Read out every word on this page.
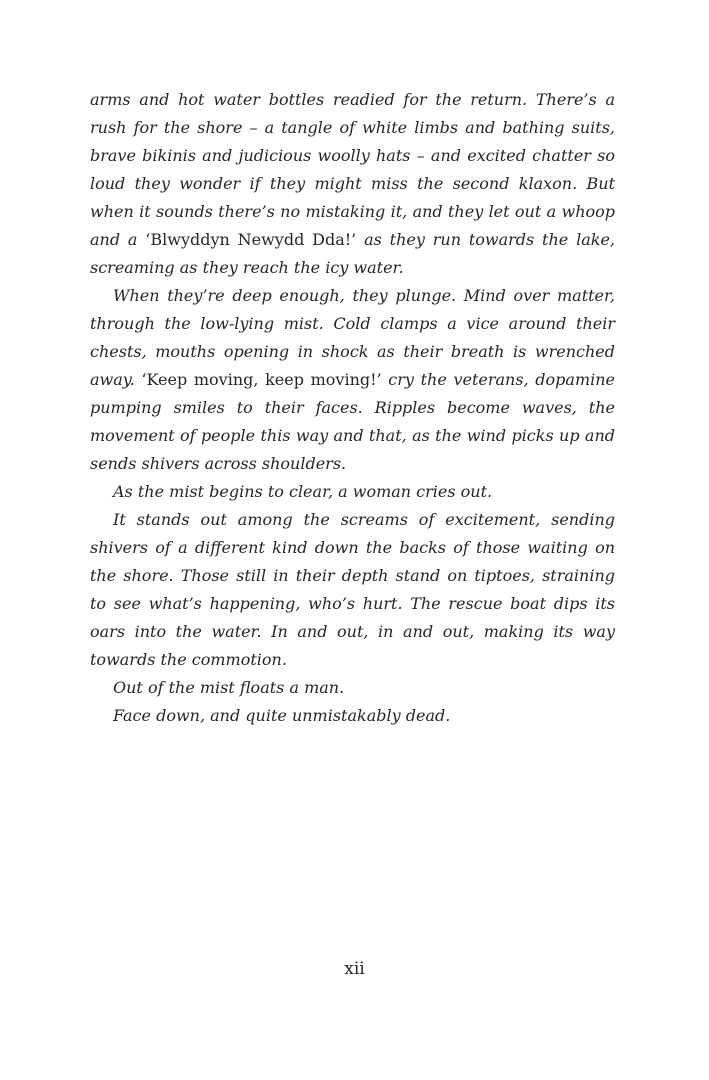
arms and hot water bottles readied for the return. There’s a rush for the shore – a tangle of white limbs and bathing suits, brave bikinis and judicious woolly hats – and excited chatter so loud they wonder if they might miss the second klaxon. But when it sounds there’s no mistaking it, and they let out a whoop and a ‘Blwyddyn Newydd Dda!’ as they run towards the lake, screaming as they reach the icy water.

When they’re deep enough, they plunge. Mind over matter, through the low-lying mist. Cold clamps a vice around their chests, mouths opening in shock as their breath is wrenched away. ‘Keep moving, keep moving!’ cry the veterans, dopamine pumping smiles to their faces. Ripples become waves, the movement of people this way and that, as the wind picks up and sends shivers across shoulders.

As the mist begins to clear, a woman cries out.

It stands out among the screams of excitement, sending shivers of a different kind down the backs of those waiting on the shore. Those still in their depth stand on tiptoes, straining to see what’s happening, who’s hurt. The rescue boat dips its oars into the water. In and out, in and out, making its way towards the commotion.

Out of the mist floats a man.

Face down, and quite unmistakably dead.

xii
